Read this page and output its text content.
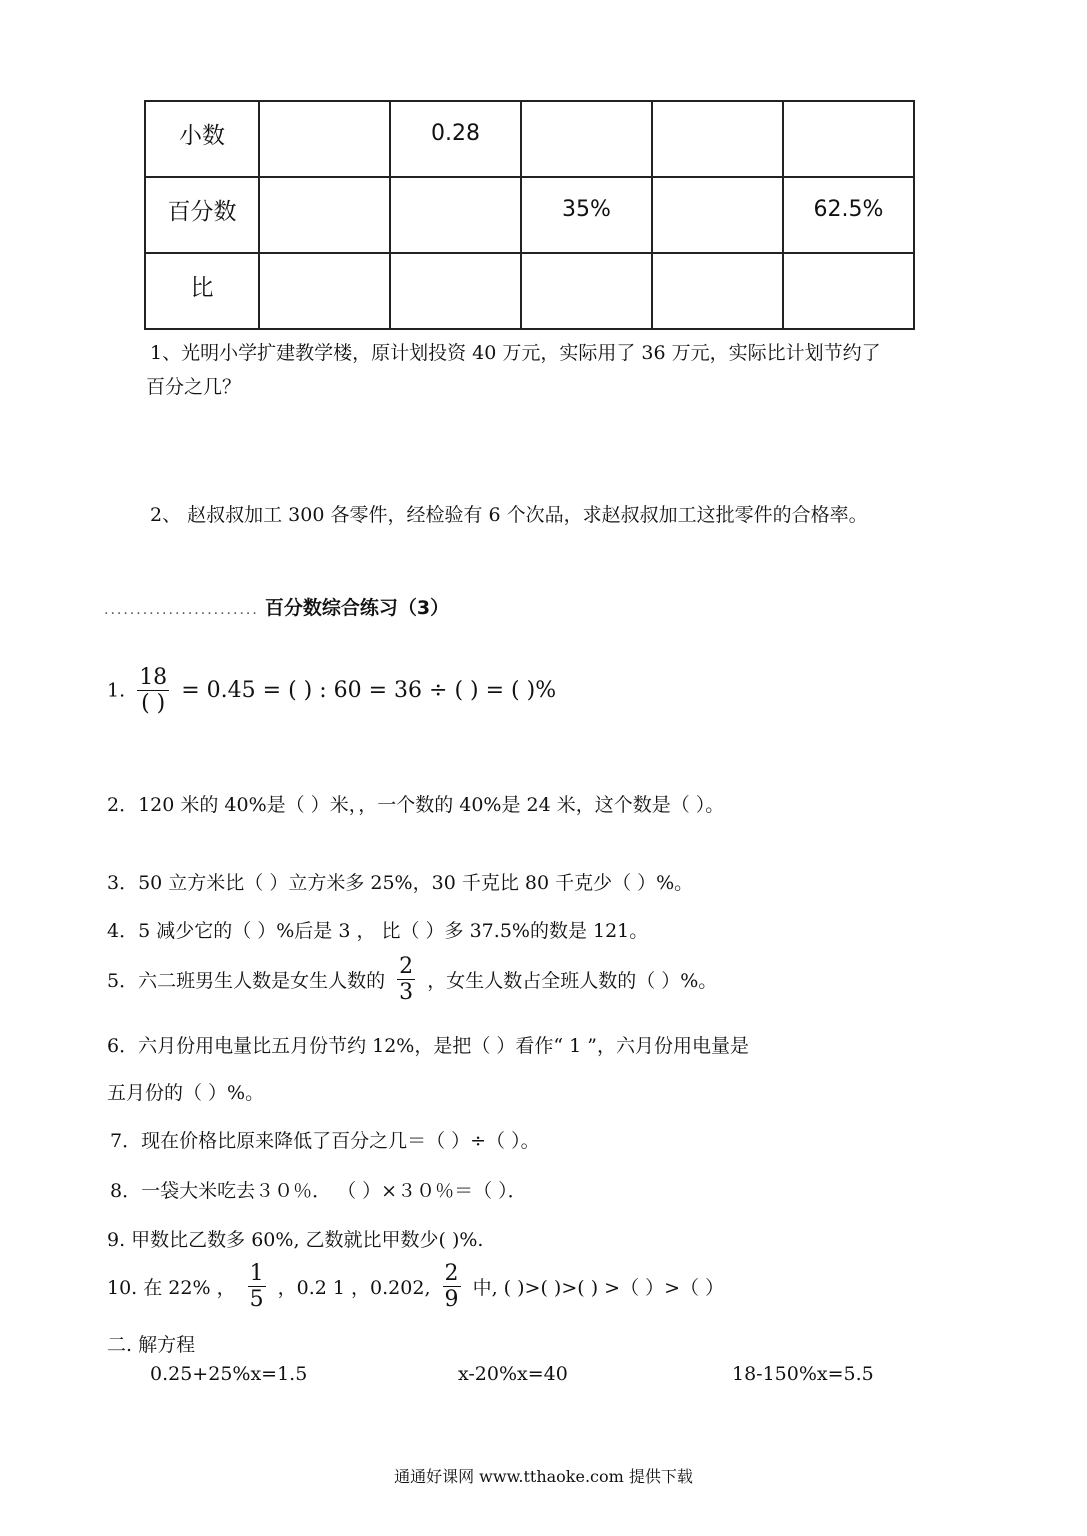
小数		0.28			
百分数			35%		62.5%
比					
1、光明小学扩建教学楼，原计划投资 40 万元，实际用了 36 万元，实际比计划节约了
百分之几？
2、 赵叔叔加工 300 各零件，经检验有 6 个次品，求赵叔叔加工这批零件的合格率。
........................ 百分数综合练习（3）
1. $\frac{18}{( )} = 0.45$ = ( ) : 60 = 36 ÷ ( ) = ( )%
2．120 米的 40%是（ ）米，，一个数的 40%是 24 米，这个数是（ ）。
3．50 立方米比（ ）立方米多 25%，30 千克比 80 千克少（ ）%。
4．5 减少它的（ ）%后是 3 ， 比（ ）多 37.5%的数是 121。
5．六二班男生人数是女生人数的 $\frac{2}{3}$ ，女生人数占全班人数的（ ）%。
6．六月份用电量比五月份节约 12%，是把（ ）看作“ 1 ”，六月份用电量是
五月份的（ ）%。
7．现在价格比原来降低了百分之几＝（ ）÷（ ）。
8．一袋大米吃去３０％． （ ）×３０％＝（ ）．
9. 甲数比乙数多 60%, 乙数就比甲数少( )%.
10. 在 22% ， $\frac{1}{5}$ ，0.2 1 ，0.202, $\frac{2}{9}$ 中, ( )>( )>( ) >（ ）>（ ）
二. 解方程
0.25+25%x=1.5	x-20%x=40	18-150%x=5.5
通通好课网 www.tthaoke.com 提供下载
